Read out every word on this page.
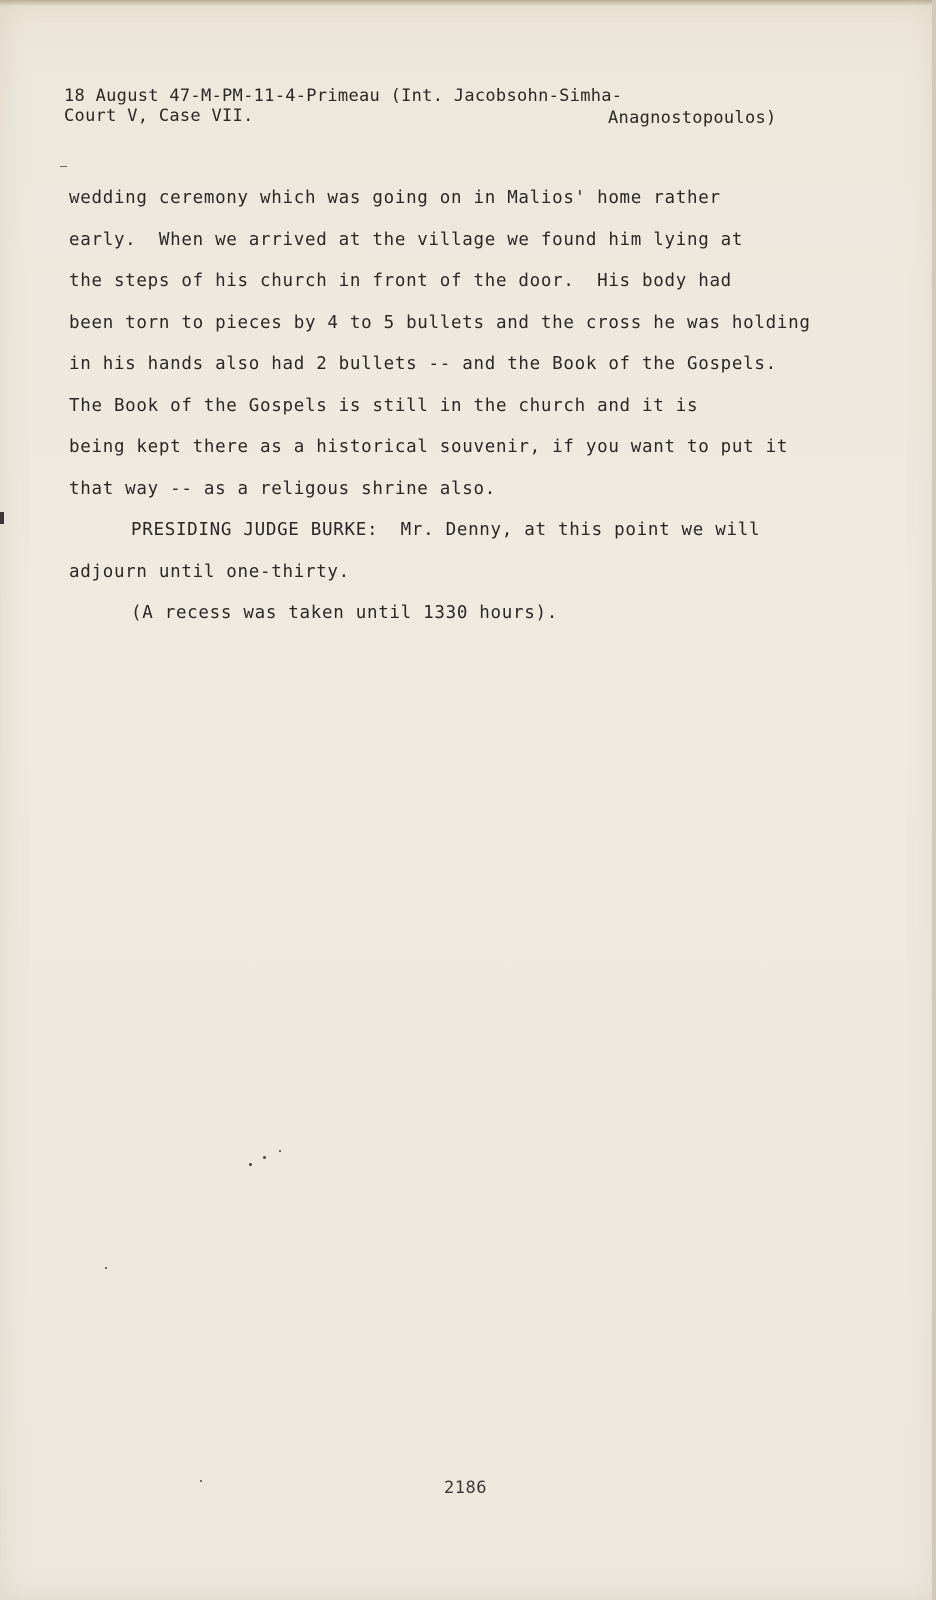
18 August 47-M-PM-11-4-Primeau (Int. Jacobsohn-Simha-
Court V, Case VII.	Anagnostopoulos)
wedding ceremony which was going on in Malios' home rather
early.  When we arrived at the village we found him lying at
the steps of his church in front of the door.  His body had
been torn to pieces by 4 to 5 bullets and the cross he was holding
in his hands also had 2 bullets -- and the Book of the Gospels.
The Book of the Gospels is still in the church and it is
being kept there as a historical souvenir, if you want to put it
that way -- as a religous shrine also.
PRESIDING JUDGE BURKE:  Mr. Denny, at this point we will
adjourn until one-thirty.
(A recess was taken until 1330 hours).
2186
